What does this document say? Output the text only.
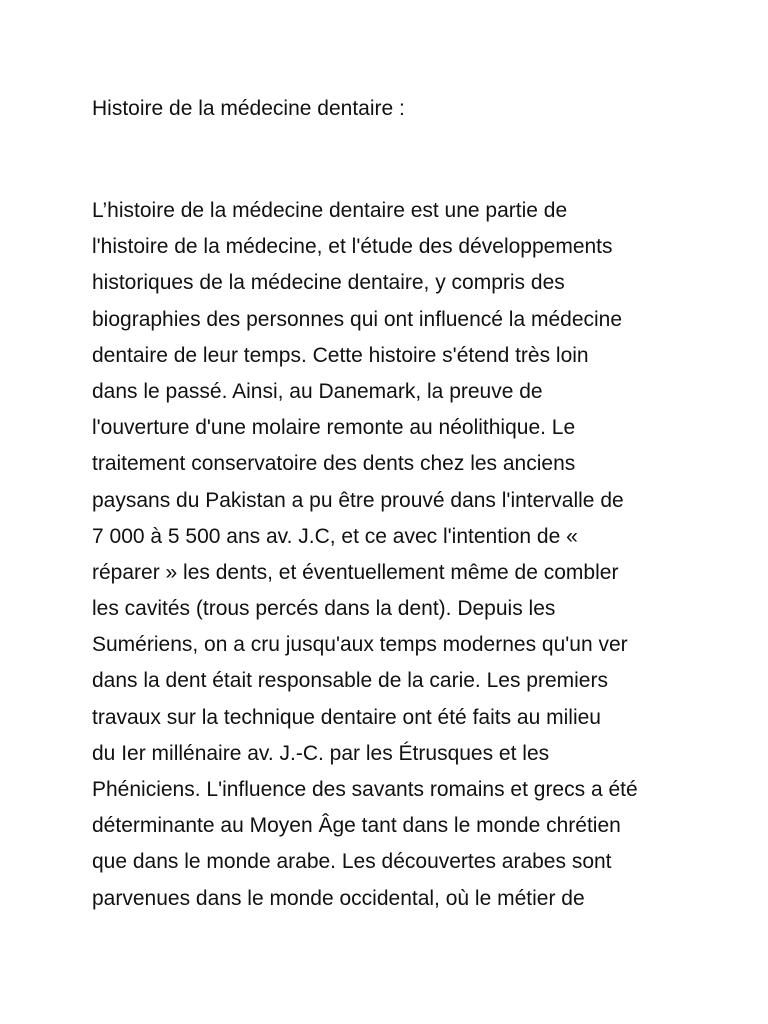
Histoire de la médecine dentaire :
L’histoire de la médecine dentaire est une partie de
l'histoire de la médecine, et l'étude des développements
historiques de la médecine dentaire, y compris des
biographies des personnes qui ont influencé la médecine
dentaire de leur temps. Cette histoire s'étend très loin
dans le passé. Ainsi, au Danemark, la preuve de
l'ouverture d'une molaire remonte au néolithique. Le
traitement conservatoire des dents chez les anciens
paysans du Pakistan a pu être prouvé dans l'intervalle de
7 000 à 5 500 ans av. J.C, et ce avec l'intention de «
réparer » les dents, et éventuellement même de combler
les cavités (trous percés dans la dent). Depuis les
Sumériens, on a cru jusqu'aux temps modernes qu'un ver
dans la dent était responsable de la carie. Les premiers
travaux sur la technique dentaire ont été faits au milieu
du Ier millénaire av. J.-C. par les Étrusques et les
Phéniciens. L'influence des savants romains et grecs a été
déterminante au Moyen Âge tant dans le monde chrétien
que dans le monde arabe. Les découvertes arabes sont
parvenues dans le monde occidental, où le métier de
